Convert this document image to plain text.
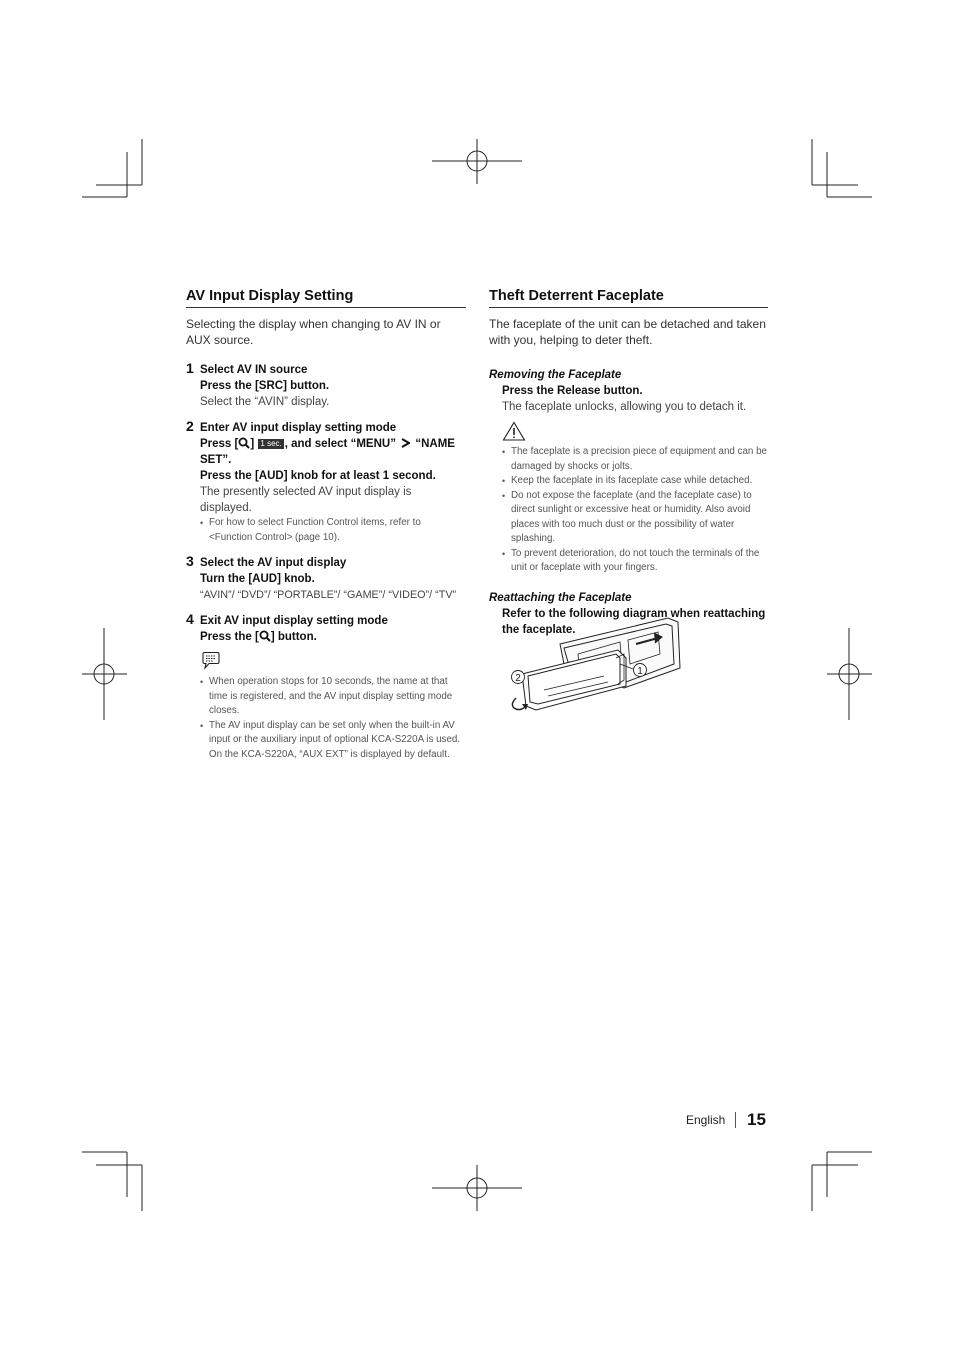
AV Input Display Setting

Selecting the display when changing to AV IN or AUX source.

1 Select AV IN source
Press the [SRC] button.
Select the “AVIN” display.
2 Enter AV input display setting mode
Press [ ] 1 sec. , and select “MENU” “NAME SET”.
Press the [AUD] knob for at least 1 second.
The presently selected AV input display is displayed.
• For how to select Function Control items, refer to <Function Control> (page 10).
3 Select the AV input display
Turn the [AUD] knob.
“AVIN”/ “DVD”/ “PORTABLE”/ “GAME”/ “VIDEO”/ “TV”
4 Exit AV input display setting mode
Press the [ ] button.
• When operation stops for 10 seconds, the name at that time is registered, and the AV input display setting mode closes.
• The AV input display can be set only when the built-in AV input or the auxiliary input of optional KCA-S220A is used. On the KCA-S220A, “AUX EXT” is displayed by default.
Theft Deterrent Faceplate

The faceplate of the unit can be detached and taken with you, helping to deter theft.

Removing the Faceplate
Press the Release button.
The faceplate unlocks, allowing you to detach it.
• The faceplate is a precision piece of equipment and can be damaged by shocks or jolts.
• Keep the faceplate in its faceplate case while detached.
• Do not expose the faceplate (and the faceplate case) to direct sunlight or excessive heat or humidity. Also avoid places with too much dust or the possibility of water splashing.
• To prevent deterioration, do not touch the terminals of the unit or faceplate with your fingers.
Reattaching the Faceplate
Refer to the following diagram when reattaching the faceplate.
1
2
English 15
